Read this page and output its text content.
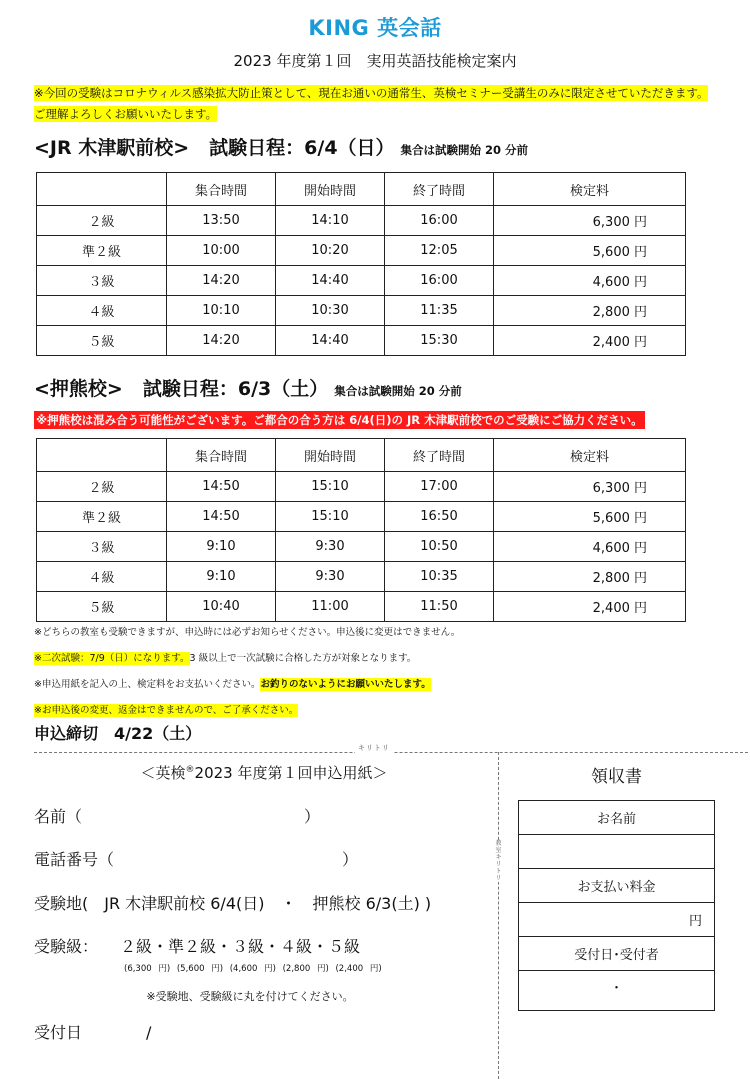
KING 英会話
2023 年度第１回　実用英語技能検定案内
※今回の受験はコロナウィルス感染拡大防止策として、現在お通いの通常生、英検セミナー受講生のみに限定させていただきます。ご理解よろしくお願いいたします。
<JR 木津駅前校> 試験日程：6/4（日） 集合は試験開始 20 分前
	集合時間	開始時間	終了時間	検定料
２級	13:50	14:10	16:00	6,300 円
準２級	10:00	10:20	12:05	5,600 円
３級	14:20	14:40	16:00	4,600 円
４級	10:10	10:30	11:35	2,800 円
５級	14:20	14:40	15:30	2,400 円
<押熊校> 試験日程：6/3（土） 集合は試験開始 20 分前
※押熊校は混み合う可能性がございます。ご都合の合う方は 6/4(日)の JR 木津駅前校でのご受験にご協力ください。
	集合時間	開始時間	終了時間	検定料
２級	14:50	15:10	17:00	6,300 円
準２級	14:50	15:10	16:50	5,600 円
３級	9:10	9:30	10:50	4,600 円
４級	9:10	9:30	10:35	2,800 円
５級	10:40	11:00	11:50	2,400 円
※どちらの教室も受験できますが、申込時には必ずお知らせください。申込後に変更はできません。
※二次試験：7/9（日）になります。3 級以上で一次試験に合格した方が対象となります。
※申込用紙を記入の上、検定料をお支払いください。お釣りのないようにお願いいたします。
※お申込後の変更、返金はできませんので、ご了承ください。
申込締切　4/22（土）
キリトリ
教室キリトリ
＜英検®2023 年度第１回申込用紙＞
名前（	）
電話番号（	）
受験地(　JR 木津駅前校 6/4(日)　・　押熊校 6/3(土) )
受験級： ２級・準２級・３級・４級・５級
(6,300 円) (5,600 円) (4,600 円) (2,800 円) (2,400 円)
※受験地、受験級に丸を付けてください。
受付日	/
領収書
お名前

お支払い料金
円
受付日･受付者
･
